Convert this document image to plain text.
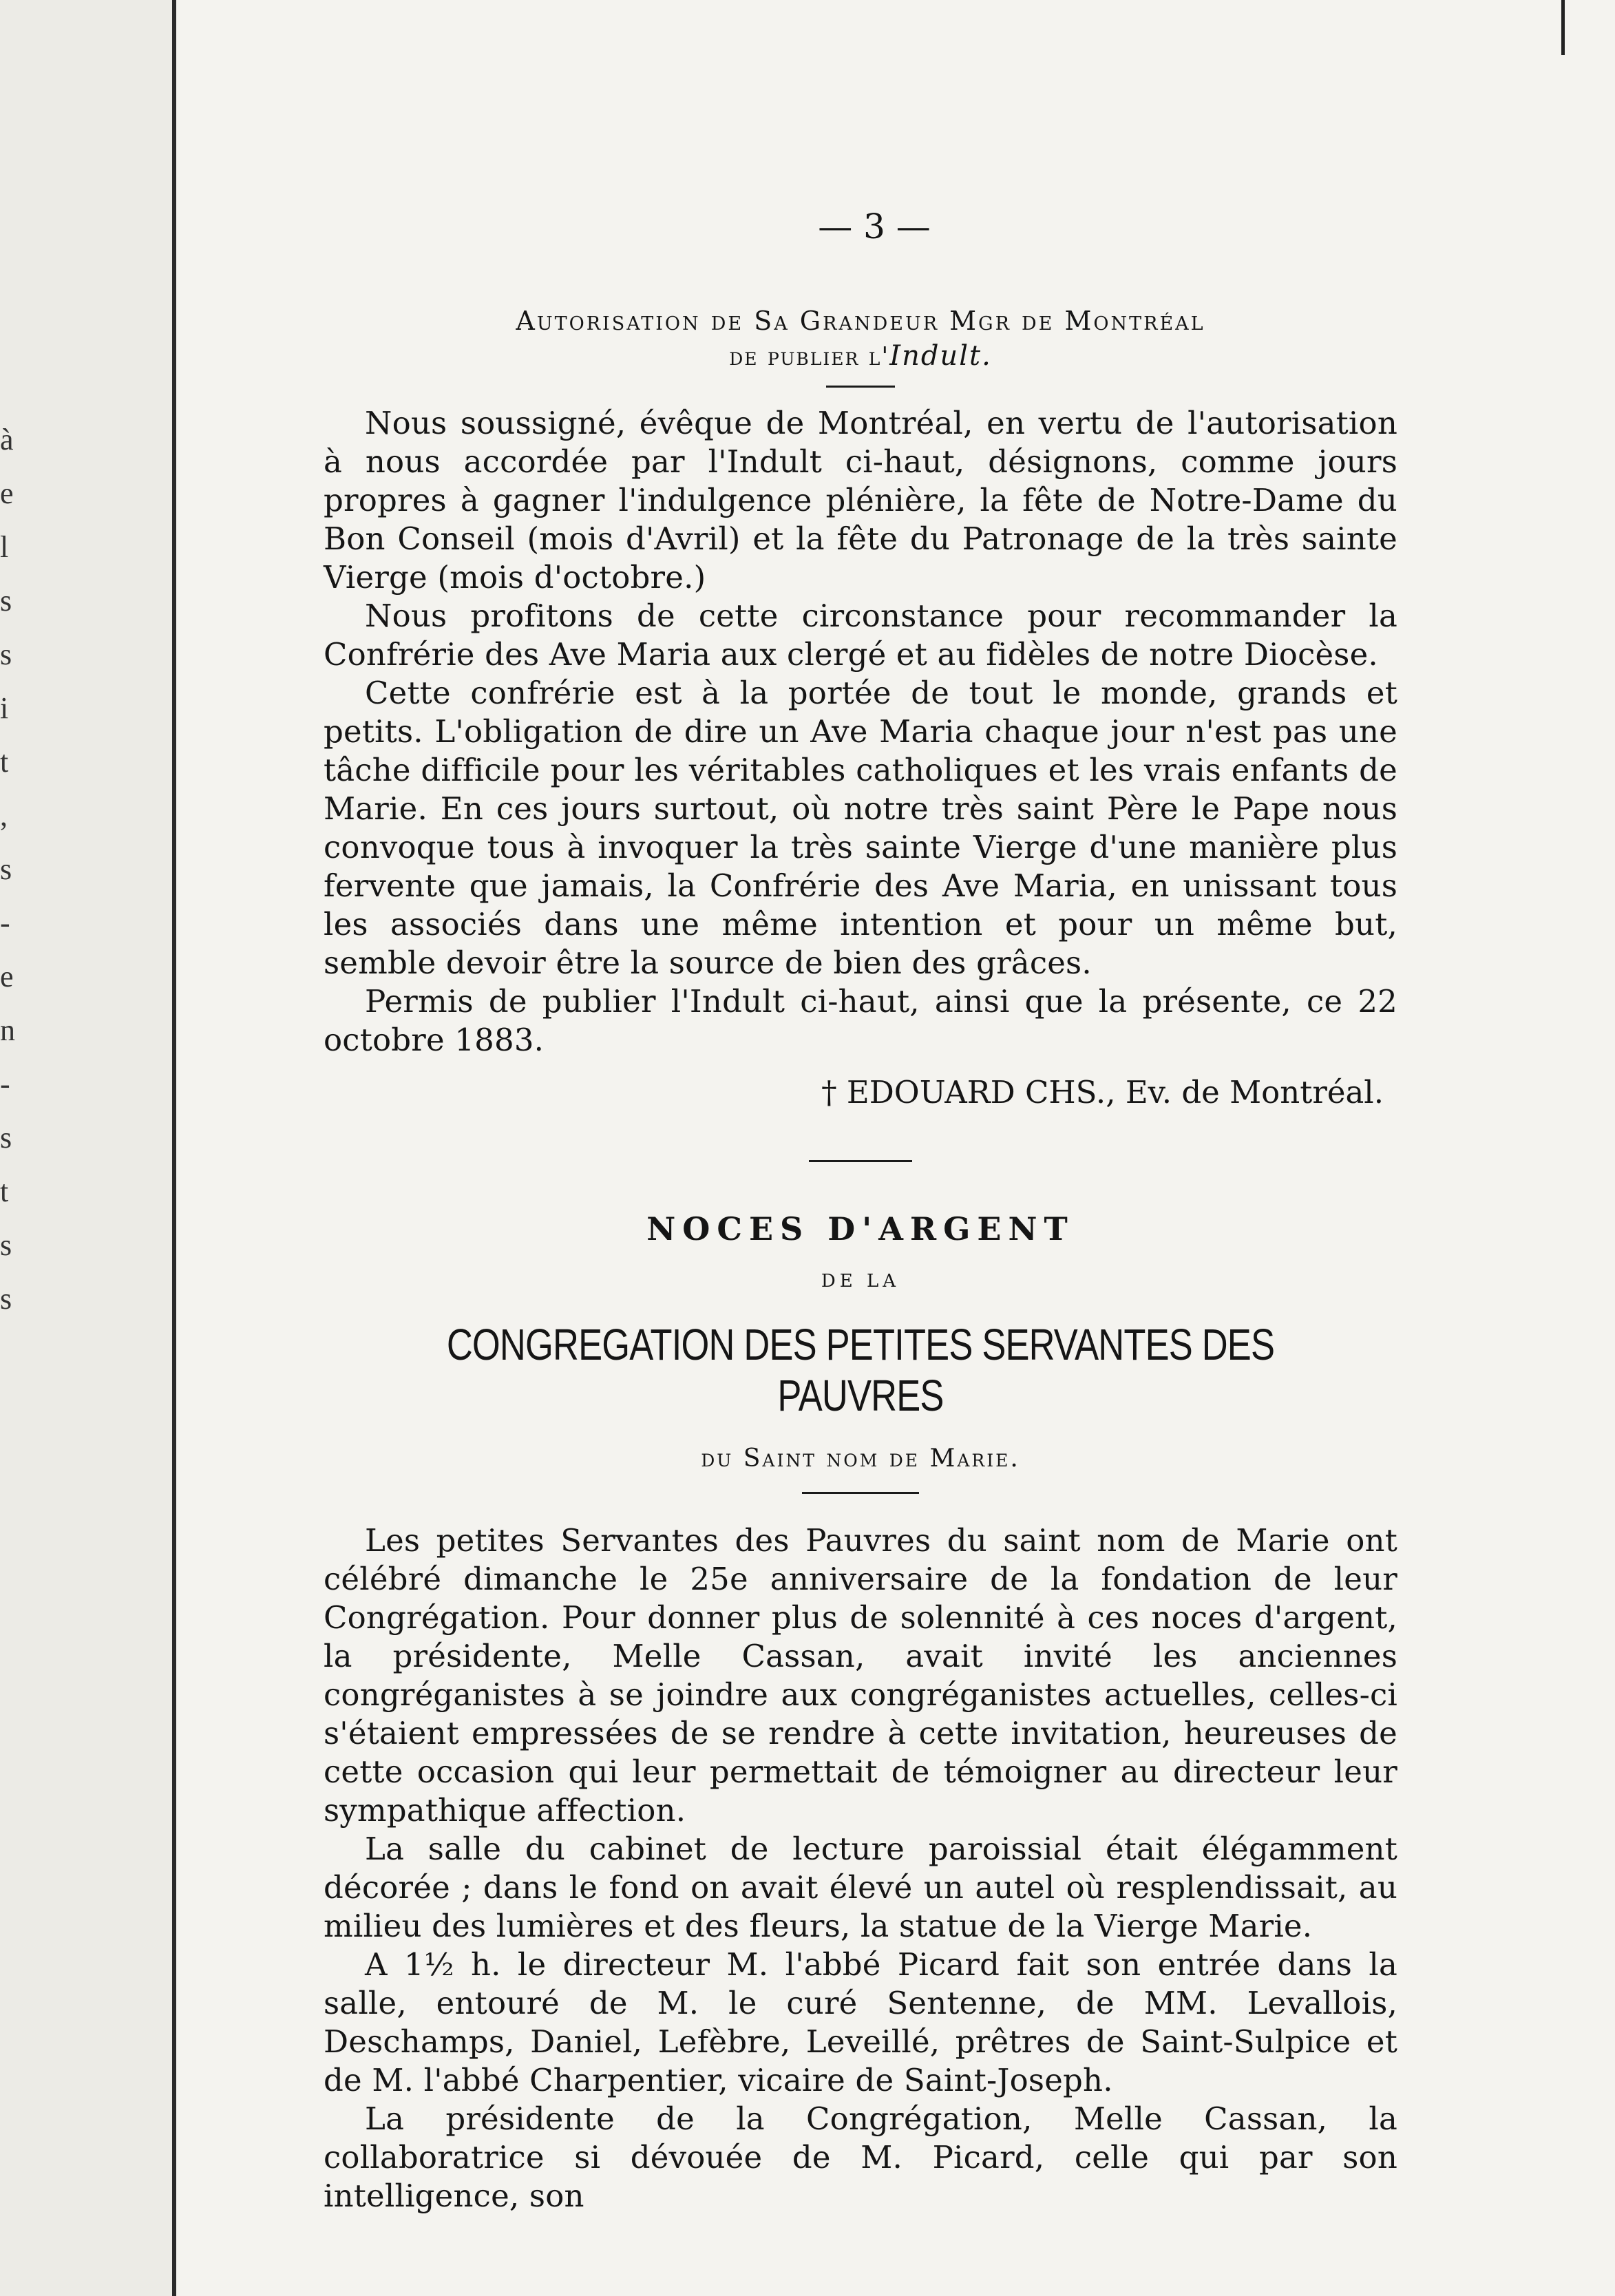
à
e
l
s
s
i
t
,
s
-
e
n
-
s
t
s
s
— 3 —
Autorisation de Sa Grandeur Mgr de Montréal
de publier l'Indult.

Nous soussigné, évêque de Montréal, en vertu de l'autorisation à nous accordée par l'Indult ci-haut, désignons, comme jours propres à gagner l'indulgence plénière, la fête de Notre-Dame du Bon Conseil (mois d'Avril) et la fête du Patronage de la très sainte Vierge (mois d'octobre.)

Nous profitons de cette circonstance pour recommander la Confrérie des Ave Maria aux clergé et au fidèles de notre Diocèse.

Cette confrérie est à la portée de tout le monde, grands et petits. L'obligation de dire un Ave Maria chaque jour n'est pas une tâche difficile pour les véritables catholiques et les vrais enfants de Marie. En ces jours surtout, où notre très saint Père le Pape nous convoque tous à invoquer la très sainte Vierge d'une manière plus fervente que jamais, la Confrérie des Ave Maria, en unissant tous les associés dans une même intention et pour un même but, semble devoir être la source de bien des grâces.

Permis de publier l'Indult ci-haut, ainsi que la présente, ce 22 octobre 1883.

† EDOUARD CHS., Ev. de Montréal.
NOCES D'ARGENT
DE LA
CONGREGATION DES PETITES SERVANTES DES PAUVRES
du Saint nom de Marie.

Les petites Servantes des Pauvres du saint nom de Marie ont célébré dimanche le 25e anniversaire de la fondation de leur Congrégation. Pour donner plus de solennité à ces noces d'argent, la présidente, Melle Cassan, avait invité les anciennes congréganistes à se joindre aux congréganistes actuelles, celles-ci s'étaient empressées de se rendre à cette invitation, heureuses de cette occasion qui leur permettait de témoigner au directeur leur sympathique affection.

La salle du cabinet de lecture paroissial était élégamment décorée ; dans le fond on avait élevé un autel où resplendissait, au milieu des lumières et des fleurs, la statue de la Vierge Marie.

A 1½ h. le directeur M. l'abbé Picard fait son entrée dans la salle, entouré de M. le curé Sentenne, de MM. Levallois, Deschamps, Daniel, Lefèbre, Leveillé, prêtres de Saint-Sulpice et de M. l'abbé Charpentier, vicaire de Saint-Joseph.

La présidente de la Congrégation, Melle Cassan, la collaboratrice si dévouée de M. Picard, celle qui par son intelligence, son
